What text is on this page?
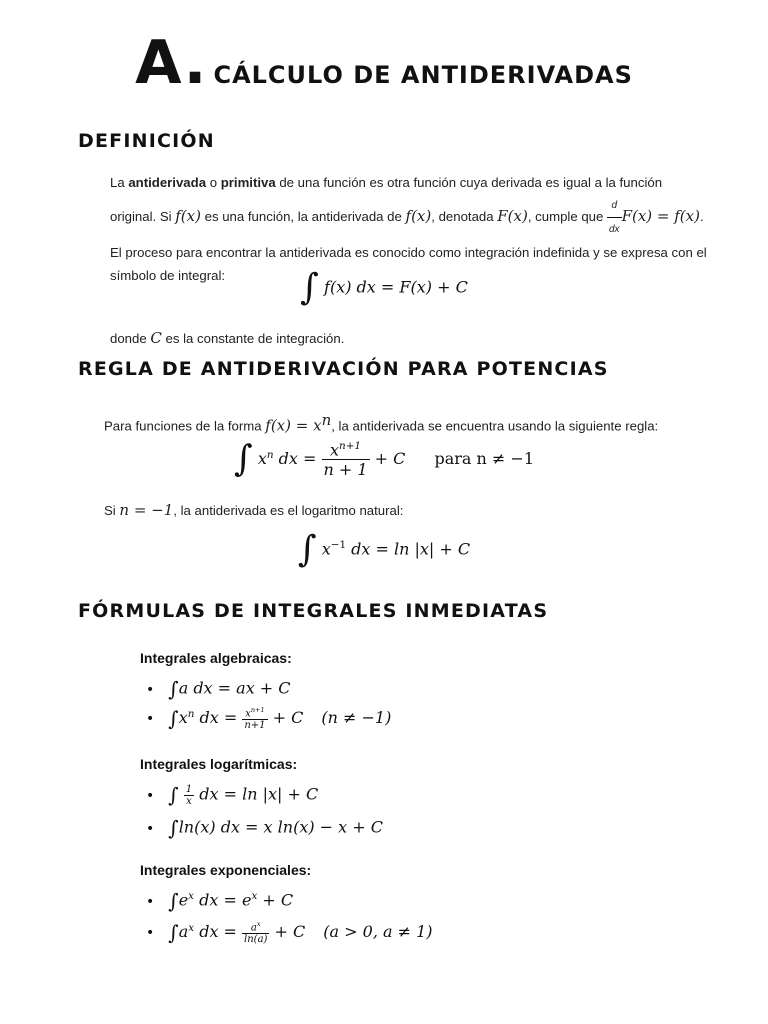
A. CÁLCULO DE ANTIDERIVADAS
DEFINICIÓN
La antiderivada o primitiva de una función es otra función cuya derivada es igual a la función original. Si f(x) es una función, la antiderivada de f(x), denotada F(x), cumple que $\frac{d}{dx} F(x) = f(x)$. El proceso para encontrar la antiderivada es conocido como integración indefinida y se expresa con el símbolo de integral:	∫ f(x) dx = F(x) + C
donde C es la constante de integración.
REGLA DE ANTIDERIVACIÓN PARA POTENCIAS
Para funciones de la forma $f(x) = x^n$, la antiderivada se encuentra usando la siguiente regla:
∫ $x^n$ dx = $\frac{x^{n+1}}{n + 1} + C$ para n ≠ −1
Si n = −1, la antiderivada es el logaritmo natural:
∫ $x^{-1}$ dx = ln |x| + C
FÓRMULAS DE INTEGRALES INMEDIATAS
Integrales algebraicas:
• ∫a dx = ax + C
• $\int x^n$ dx = $\frac{x^{n+1}}{n+1} + C$ (n ≠ −1)
Integrales logarítmicas:
• ∫ $\frac{1}{x}$ dx = ln |x| + C
• ∫ln(x) dx = x ln(x) − x + C
Integrales exponenciales:
• $\int e^x$ dx = $e^x + C$
• $\int a^x$ dx = $\frac{a^x}{\ln(a)} + C$ (a > 0, a ≠ 1)
